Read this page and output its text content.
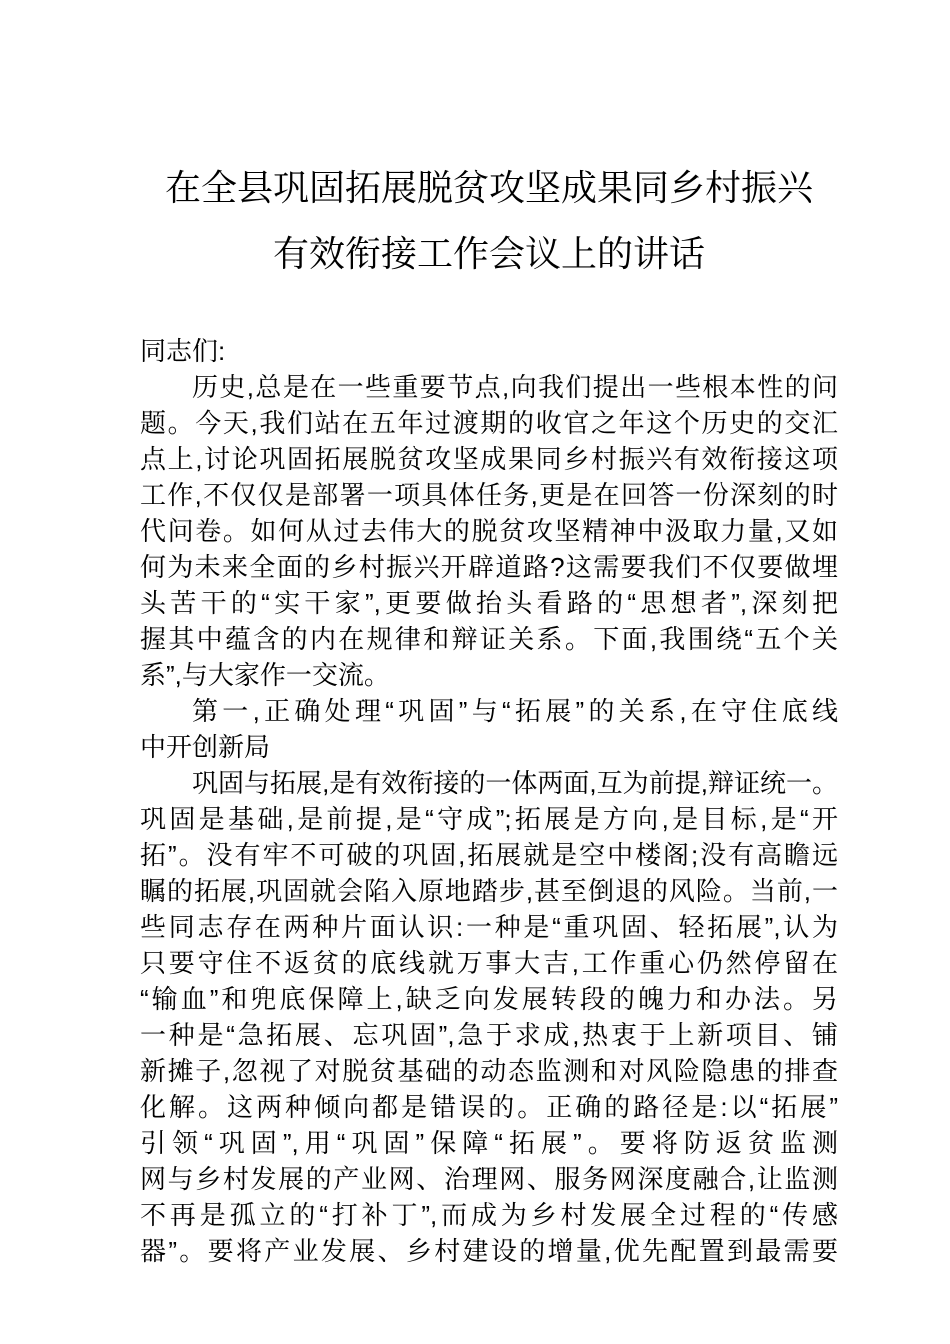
在全县巩固拓展脱贫攻坚成果同乡村振兴
有效衔接工作会议上的讲话
同志们:
历史,总是在一些重要节点,向我们提出一些根本性的问
题。今天,我们站在五年过渡期的收官之年这个历史的交汇
点上,讨论巩固拓展脱贫攻坚成果同乡村振兴有效衔接这项
工作,不仅仅是部署一项具体任务,更是在回答一份深刻的时
代问卷。如何从过去伟大的脱贫攻坚精神中汲取力量,又如
何为未来全面的乡村振兴开辟道路?这需要我们不仅要做埋
头苦干的“实干家”,更要做抬头看路的“思想者”,深刻把
握其中蕴含的内在规律和辩证关系。下面,我围绕“五个关
系”,与大家作一交流。
第一,正确处理“巩固”与“拓展”的关系,在守住底线
中开创新局
巩固与拓展,是有效衔接的一体两面,互为前提,辩证统一。
巩固是基础,是前提,是“守成”;拓展是方向,是目标,是“开
拓”。没有牢不可破的巩固,拓展就是空中楼阁;没有高瞻远
瞩的拓展,巩固就会陷入原地踏步,甚至倒退的风险。当前,一
些同志存在两种片面认识:一种是“重巩固、轻拓展”,认为
只要守住不返贫的底线就万事大吉,工作重心仍然停留在
“输血”和兜底保障上,缺乏向发展转段的魄力和办法。另
一种是“急拓展、忘巩固”,急于求成,热衷于上新项目、铺
新摊子,忽视了对脱贫基础的动态监测和对风险隐患的排查
化解。这两种倾向都是错误的。正确的路径是:以“拓展”
引领“巩固”,用“巩固”保障“拓展”。要将防返贫监测
网与乡村发展的产业网、治理网、服务网深度融合,让监测
不再是孤立的“打补丁”,而成为乡村发展全过程的“传感
器”。要将产业发展、乡村建设的增量,优先配置到最需要
